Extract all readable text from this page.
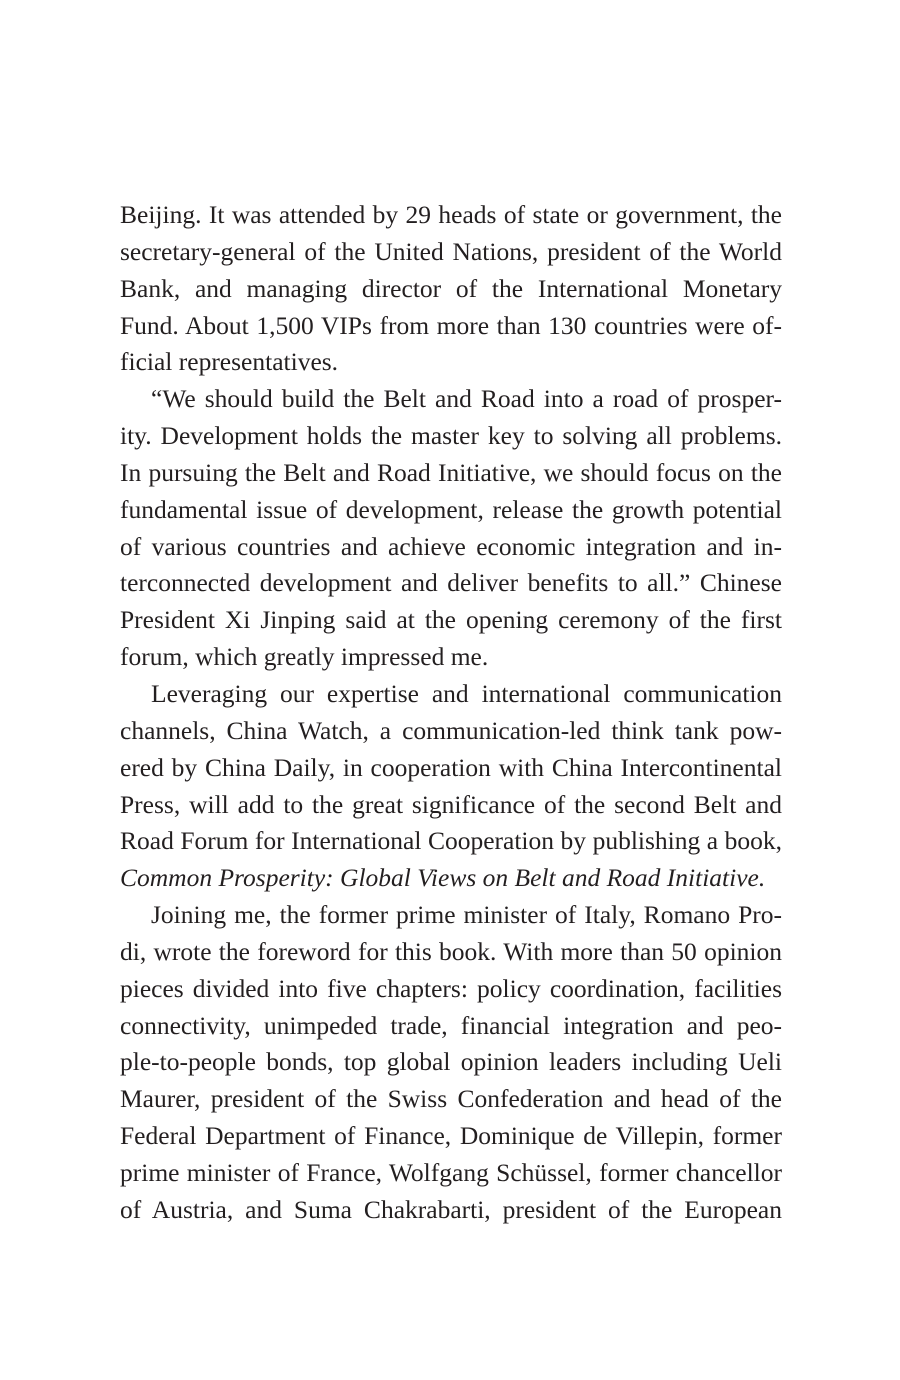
Beijing. It was attended by 29 heads of state or government, the
secretary-general of the United Nations, president of the World
Bank, and managing director of the International Monetary
Fund. About 1,500 VIPs from more than 130 countries were of-
ficial representatives.
“We should build the Belt and Road into a road of prosper-
ity. Development holds the master key to solving all problems.
In pursuing the Belt and Road Initiative, we should focus on the
fundamental issue of development, release the growth potential
of various countries and achieve economic integration and in-
terconnected development and deliver benefits to all.” Chinese
President Xi Jinping said at the opening ceremony of the first
forum, which greatly impressed me.
Leveraging our expertise and international communication
channels, China Watch, a communication-led think tank pow-
ered by China Daily, in cooperation with China Intercontinental
Press, will add to the great significance of the second Belt and
Road Forum for International Cooperation by publishing a book,
Common Prosperity: Global Views on Belt and Road Initiative.
Joining me, the former prime minister of Italy, Romano Pro-
di, wrote the foreword for this book. With more than 50 opinion
pieces divided into five chapters: policy coordination, facilities
connectivity, unimpeded trade, financial integration and peo-
ple-to-people bonds, top global opinion leaders including Ueli
Maurer, president of the Swiss Confederation and head of the
Federal Department of Finance, Dominique de Villepin, former
prime minister of France, Wolfgang Schüssel, former chancellor
of Austria, and Suma Chakrabarti, president of the European
